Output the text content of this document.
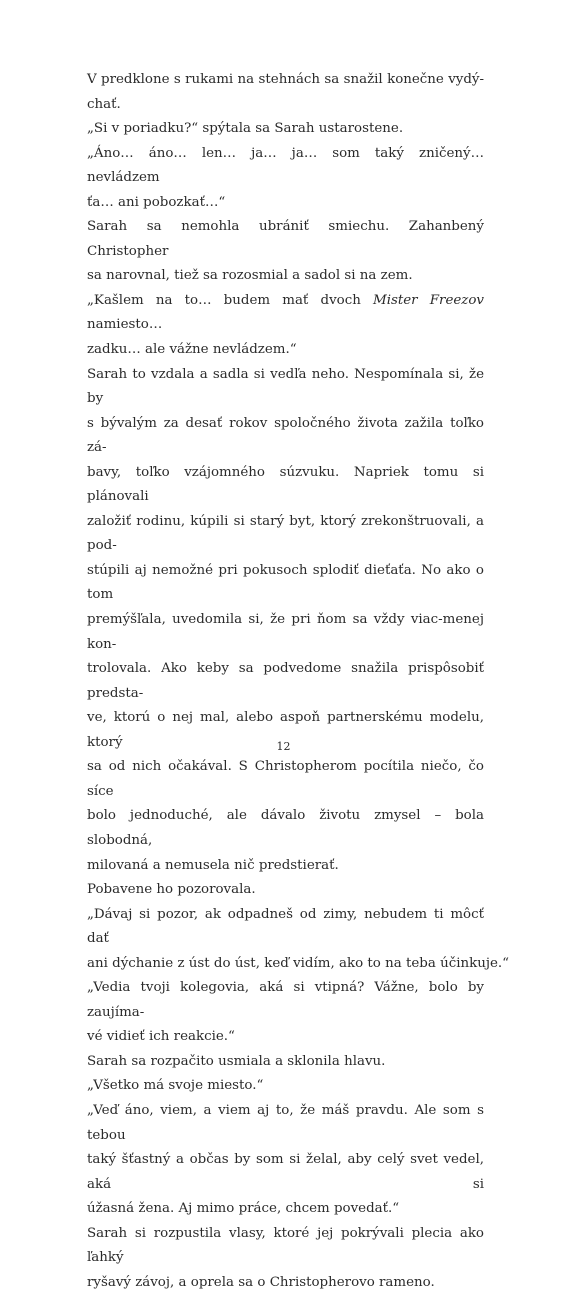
V predklone s rukami na stehnách sa snažil konečne vydý-
chať.
„Si v poriadku?“ spýtala sa Sarah ustarostene.
„Áno… áno… len… ja… ja… som taký zničený… nevládzem
ťa… ani pobozkať…“
Sarah sa nemohla ubrániť smiechu. Zahanbený Christopher
sa narovnal, tiež sa rozosmial a sadol si na zem.
„Kašlem na to… budem mať dvoch Mister Freezov namiesto…
zadku… ale vážne nevládzem.“
Sarah to vzdala a sadla si vedľa neho. Nespomínala si, že by
s bývalým za desať rokov spoločného života zažila toľko zá-
bavy, toľko vzájomného súzvuku. Napriek tomu si plánovali
založiť rodinu, kúpili si starý byt, ktorý zrekonštruovali, a pod-
stúpili aj nemožné pri pokusoch splodiť dieťaťa. No ako o tom
premýšľala, uvedomila si, že pri ňom sa vždy viac-menej kon-
trolovala. Ako keby sa podvedome snažila prispôsobiť predsta-
ve, ktorú o nej mal, alebo aspoň partnerskému modelu, ktorý
sa od nich očakával. S Christopherom pocítila niečo, čo síce
bolo jednoduché, ale dávalo životu zmysel – bola slobodná,
milovaná a nemusela nič predstierať.
Pobavene ho pozorovala.
„Dávaj si pozor, ak odpadneš od zimy, nebudem ti môcť dať
ani dýchanie z úst do úst, keď vidím, ako to na teba účinkuje.“
„Vedia tvoji kolegovia, aká si vtipná? Vážne, bolo by zaujíma-
vé vidieť ich reakcie.“
Sarah sa rozpačito usmiala a sklonila hlavu.
„Všetko má svoje miesto.“
„Veď áno, viem, a viem aj to, že máš pravdu. Ale som s tebou
taký šťastný a občas by som si želal, aby celý svet vedel, aká si
úžasná žena. Aj mimo práce, chcem povedať.“
Sarah si rozpustila vlasy, ktoré jej pokrývali plecia ako ľahký
ryšavý závoj, a oprela sa o Christopherovo rameno.
12
